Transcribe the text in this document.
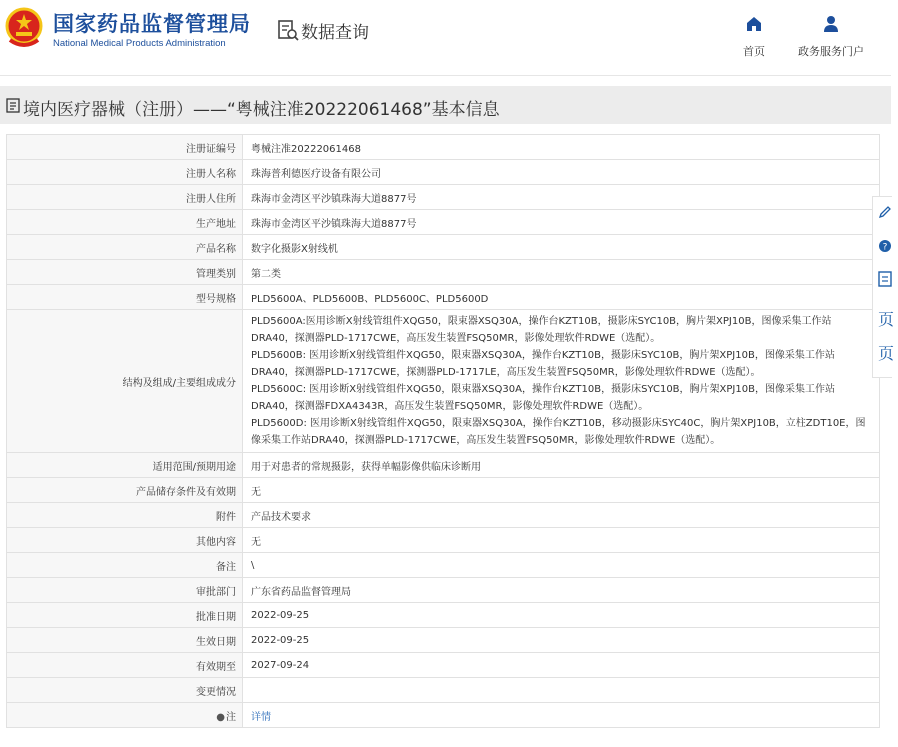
国家药品监督管理局
National Medical Products Administration
数据查询
首页	政务服务门户
境内医疗器械（注册）——“粤械注准20222061468”基本信息
注册证编号	粤械注准20222061468
注册人名称	珠海普利德医疗设备有限公司
注册人住所	珠海市金湾区平沙镇珠海大道8877号
生产地址	珠海市金湾区平沙镇珠海大道8877号
产品名称	数字化摄影X射线机
管理类别	第二类
型号规格	PLD5600A、PLD5600B、PLD5600C、PLD5600D
结构及组成/主要组成成分	PLD5600A:医用诊断X射线管组件XQG50，限束器XSQ30A，操作台KZT10B，摄影床SYC10B，胸片架XPJ10B，图像采集工作站DRA40，探测器PLD-1717CWE，高压发生装置FSQ50MR，影像处理软件RDWE（选配）。
PLD5600B: 医用诊断X射线管组件XQG50，限束器XSQ30A，操作台KZT10B，摄影床SYC10B，胸片架XPJ10B，图像采集工作站DRA40，探测器PLD-1717CWE，探测器PLD-1717LE，高压发生装置FSQ50MR，影像处理软件RDWE（选配）。
PLD5600C: 医用诊断X射线管组件XQG50，限束器XSQ30A，操作台KZT10B，摄影床SYC10B，胸片架XPJ10B，图像采集工作站DRA40，探测器FDXA4343R，高压发生装置FSQ50MR，影像处理软件RDWE（选配）。
PLD5600D: 医用诊断X射线管组件XQG50，限束器XSQ30A，操作台KZT10B，移动摄影床SYC40C，胸片架XPJ10B，立柱ZDT10E，图像采集工作站DRA40，探测器PLD-1717CWE，高压发生装置FSQ50MR，影像处理软件RDWE（选配）。

适用范围/预期用途	用于对患者的常规摄影，获得单幅影像供临床诊断用
产品储存条件及有效期	无
附件	产品技术要求
其他内容	无
备注	\
审批部门	广东省药品监督管理局
批准日期	2022-09-25
生效日期	2022-09-25
有效期至	2027-09-24
变更情况	
●注	详情
?
页
页
